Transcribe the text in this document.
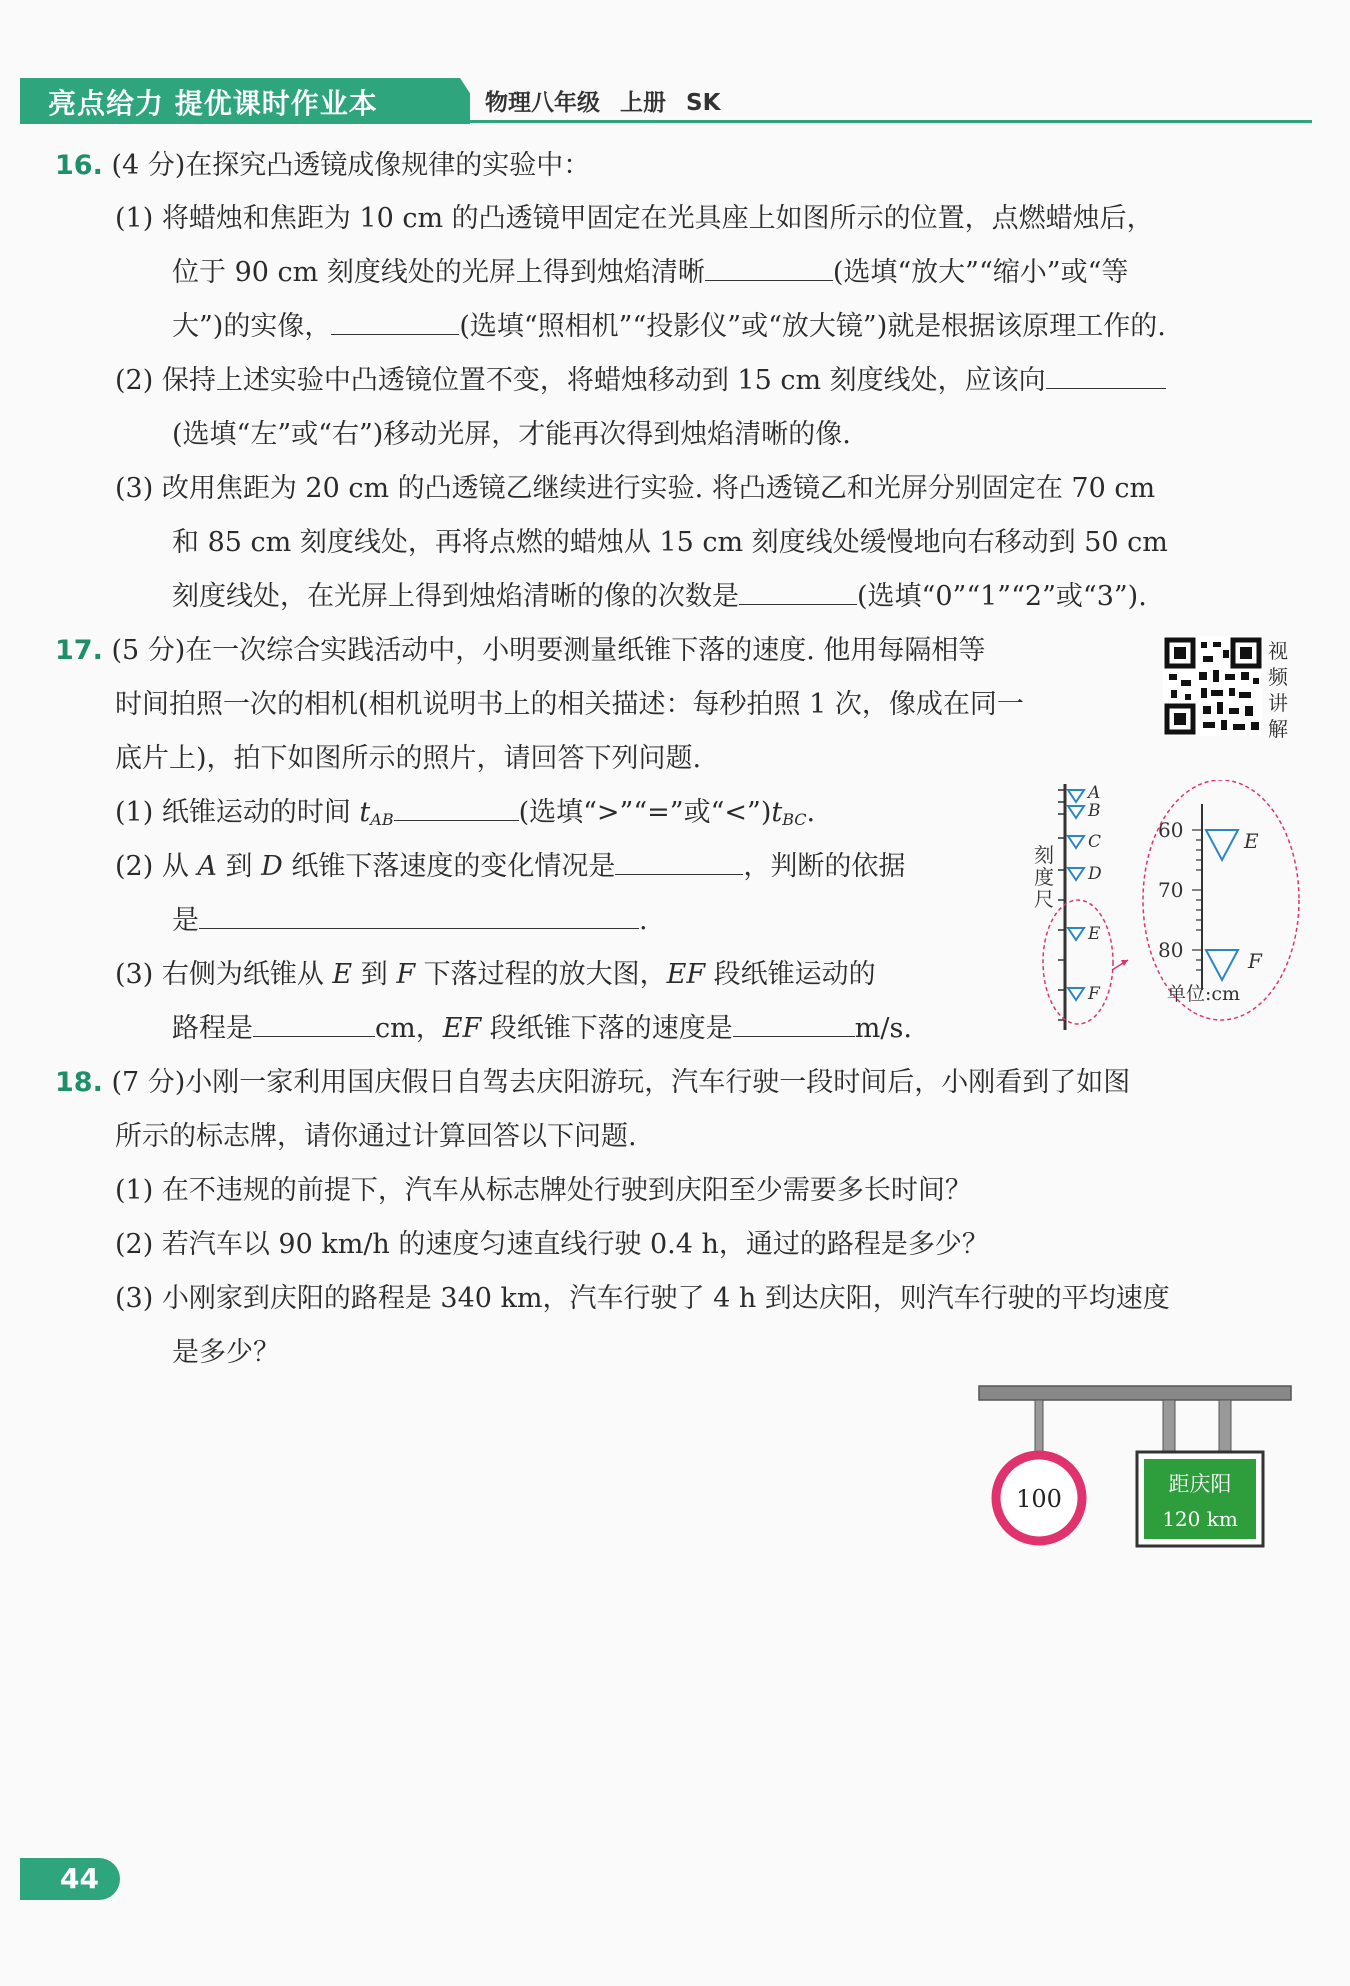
亮点给力 提优课时作业本	物理八年级 上册 SK
16. (4 分)在探究凸透镜成像规律的实验中：
(1) 将蜡烛和焦距为 10 cm 的凸透镜甲固定在光具座上如图所示的位置，点燃蜡烛后，
位于 90 cm 刻度线处的光屏上得到烛焰清晰	(选填“放大”“缩小”或“等
大”)的实像，	(选填“照相机”“投影仪”或“放大镜”)就是根据该原理工作的.
(2) 保持上述实验中凸透镜位置不变，将蜡烛移动到 15 cm 刻度线处，应该向
(选填“左”或“右”)移动光屏，才能再次得到烛焰清晰的像.
(3) 改用焦距为 20 cm 的凸透镜乙继续进行实验. 将凸透镜乙和光屏分别固定在 70 cm
和 85 cm 刻度线处，再将点燃的蜡烛从 15 cm 刻度线处缓慢地向右移动到 50 cm
刻度线处，在光屏上得到烛焰清晰的像的次数是	(选填“0”“1”“2”或“3”).
17. (5 分)在一次综合实践活动中，小明要测量纸锥下落的速度. 他用每隔相等
时间拍照一次的相机(相机说明书上的相关描述：每秒拍照 1 次，像成在同一
底片上)，拍下如图所示的照片，请回答下列问题.
视频讲解
(1) 纸锥运动的时间 $t_{AB}$	(选填“>”“=”或“$<”)t_{BC}$.
(2) 从 A 到 D 纸锥下落速度的变化情况是	，判断的依据
是	.
(3) 右侧为纸锥从 E 到 F 下落过程的放大图，EF 段纸锥运动的
路程是	cm，EF 段纸锥下落的速度是	m/s.
刻 度 尺
A
B
C
D
E
F
60
70
80
E
F
单位:cm
18. (7 分)小刚一家利用国庆假日自驾去庆阳游玩，汽车行驶一段时间后，小刚看到了如图
所示的标志牌，请你通过计算回答以下问题.
(1) 在不违规的前提下，汽车从标志牌处行驶到庆阳至少需要多长时间？
(2) 若汽车以 90 km/h 的速度匀速直线行驶 0.4 h，通过的路程是多少？
(3) 小刚家到庆阳的路程是 340 km，汽车行驶了 4 h 到达庆阳，则汽车行驶的平均速度
是多少？
100
距庆阳
120 km
44
